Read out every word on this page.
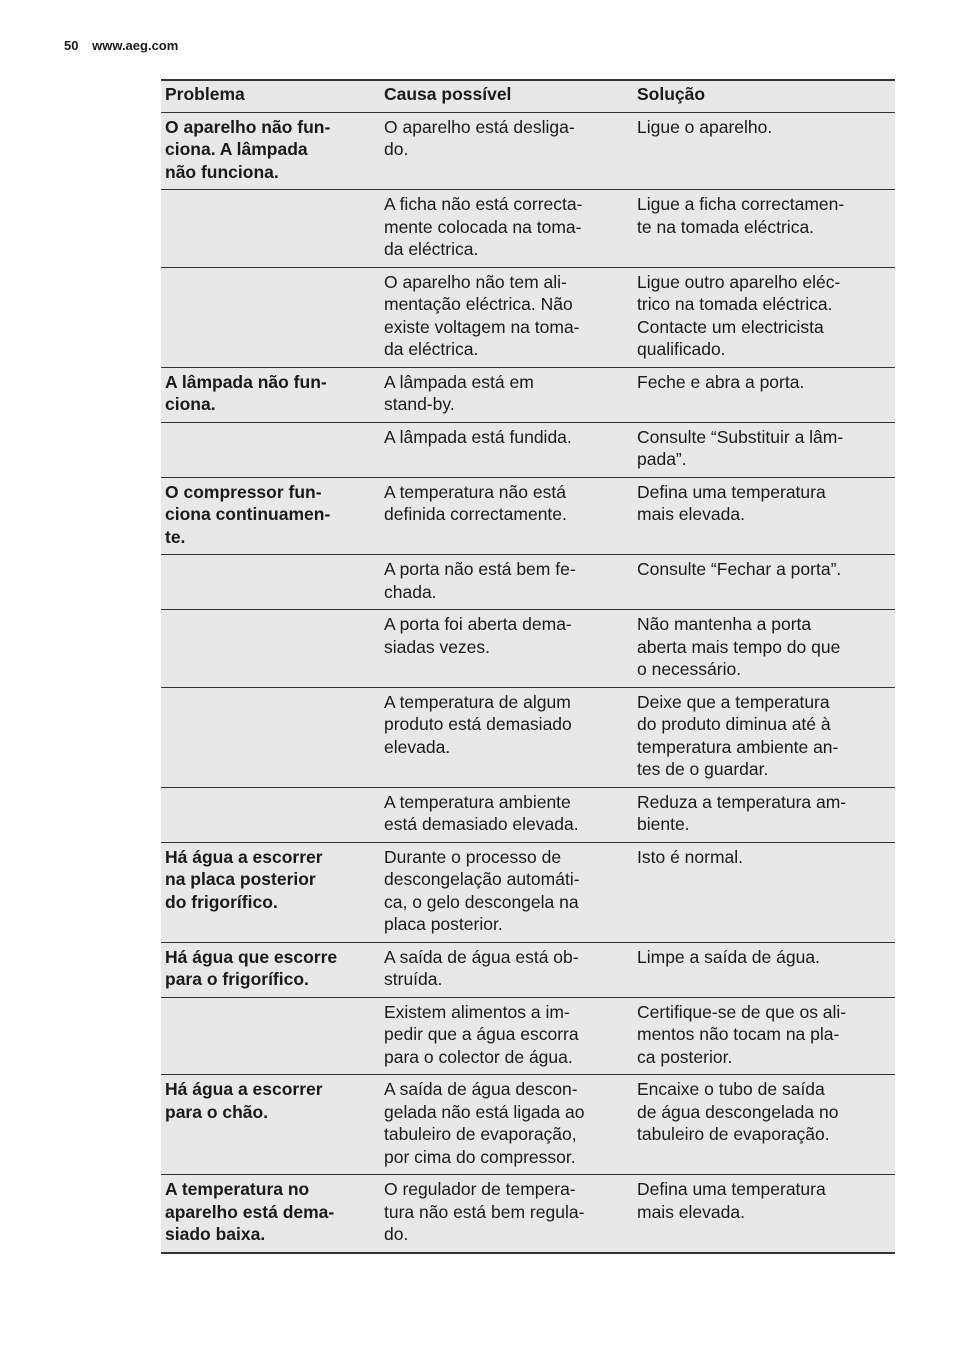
50 www.aeg.com
Problema	Causa possível	Solução
O aparelho não fun-
ciona. A lâmpada
não funciona.	O aparelho está desliga-
do.	Ligue o aparelho.
	A ficha não está correcta-
mente colocada na toma-
da eléctrica.	Ligue a ficha correctamen-
te na tomada eléctrica.
	O aparelho não tem ali-
mentação eléctrica. Não
existe voltagem na toma-
da eléctrica.	Ligue outro aparelho eléc-
trico na tomada eléctrica.
Contacte um electricista
qualificado.
A lâmpada não fun-
ciona.	A lâmpada está em
stand-by.	Feche e abra a porta.
	A lâmpada está fundida.	Consulte “Substituir a lâm-
pada”.
O compressor fun-
ciona continuamen-
te.	A temperatura não está
definida correctamente.	Defina uma temperatura
mais elevada.
	A porta não está bem fe-
chada.	Consulte “Fechar a porta”.
	A porta foi aberta dema-
siadas vezes.	Não mantenha a porta
aberta mais tempo do que
o necessário.
	A temperatura de algum
produto está demasiado
elevada.	Deixe que a temperatura
do produto diminua até à
temperatura ambiente an-
tes de o guardar.
	A temperatura ambiente
está demasiado elevada.	Reduza a temperatura am-
biente.
Há água a escorrer
na placa posterior
do frigorífico.	Durante o processo de
descongelação automáti-
ca, o gelo descongela na
placa posterior.	Isto é normal.
Há água que escorre
para o frigorífico.	A saída de água está ob-
struída.	Limpe a saída de água.
	Existem alimentos a im-
pedir que a água escorra
para o colector de água.	Certifique-se de que os ali-
mentos não tocam na pla-
ca posterior.
Há água a escorrer
para o chão.	A saída de água descon-
gelada não está ligada ao
tabuleiro de evaporação,
por cima do compressor.	Encaixe o tubo de saída
de água descongelada no
tabuleiro de evaporação.
A temperatura no
aparelho está dema-
siado baixa.	O regulador de tempera-
tura não está bem regula-
do.	Defina uma temperatura
mais elevada.
